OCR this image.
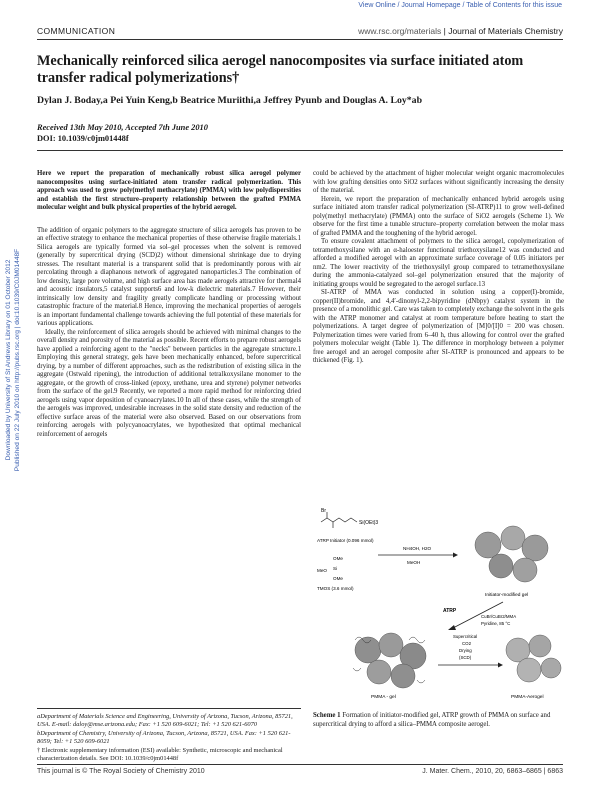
View Online / Journal Homepage / Table of Contents for this issue
Downloaded by University of St Andrews Library on 01 October 2012 Published on 22 July 2010 on http://pubs.rsc.org | doi:10.1039/C0JM01448F
COMMUNICATION	www.rsc.org/materials | Journal of Materials Chemistry
Mechanically reinforced silica aerogel nanocomposites via surface initiated atom transfer radical polymerizations†
Dylan J. Boday,a Pei Yuin Keng,b Beatrice Muriithi,a Jeffrey Pyunb and Douglas A. Loy*ab
Received 13th May 2010, Accepted 7th June 2010
DOI: 10.1039/c0jm01448f

Here we report the preparation of mechanically robust silica aerogel polymer nanocomposites using surface-initiated atom transfer radical polymerization. This approach was used to grow poly(methyl methacrylate) (PMMA) with low polydispersities and establish the first structure–property relationship between the grafted PMMA molecular weight and bulk physical properties of the hybrid aerogel.

The addition of organic polymers to the aggregate structure of silica aerogels has proven to be an effective strategy to enhance the mechanical properties of these otherwise fragile materials.1 Silica aerogels are typically formed via sol–gel processes when the solvent is removed (generally by supercritical drying (SCD)2) without dimensional shrinkage due to drying stresses. The resultant material is a transparent solid that is predominantly porous with air percolating through a diaphanous network of aggregated nanoparticles.3 The combination of low density, large pore volume, and high surface area has made aerogels attractive for thermal4 and acoustic insulators,5 catalyst supports6 and low-k dielectric materials.7 However, their intrinsically low density and fragility greatly complicate handling or processing without catastrophic fracture of the material.8 Hence, improving the mechanical properties of aerogels is an important fundamental challenge towards achieving the full potential of these materials for various applications.

Ideally, the reinforcement of silica aerogels should be achieved with minimal changes to the overall density and porosity of the material as possible. Recent efforts to prepare robust aerogels have applied a reinforcing agent to the "necks" between particles in the aggregate structure.1 Employing this general strategy, gels have been mechanically enhanced, before supercritical drying, by a number of different approaches, such as the redistribution of existing silica in the aggregate (Ostwald ripening), the introduction of additional tetralkoxysilane monomer to the aggregate, or the growth of cross-linked (epoxy, urethane, urea and styrene) polymer networks from the surface of the gel.9 Recently, we reported a more rapid method for reinforcing dried aerogels using vapor deposition of cyanoacrylates.10 In all of these cases, while the strength of the aerogels was improved, undesirable increases in the solid state density and reduction of the effective surface areas of the material were also observed. Based on our observations from reinforcing aerogels with polycyanoacrylates, we hypothesized that optimal mechanical reinforcement of aerogels

could be achieved by the attachment of higher molecular weight organic macromolecules with low grafting densities onto SiO2 surfaces without significantly increasing the density of the material.

Herein, we report the preparation of mechanically enhanced hybrid aerogels using surface initiated atom transfer radical polymerization (SI-ATRP)11 to grow well-defined poly(methyl methacrylate) (PMMA) onto the surface of SiO2 aerogels (Scheme 1). We observe for the first time a tunable structure–property correlation between the molar mass of grafted PMMA and the toughening of the hybrid aerogel.

To ensure covalent attachment of polymers to the silica aerogel, copolymerization of tetramethoxysilane with an α-haloester functional triethoxysilane12 was conducted and afforded a modified aerogel with an approximate surface coverage of 0.05 initiators per nm2. The lower reactivity of the triethoxysilyl group compared to tetramethoxysilane during the ammonia-catalyzed sol–gel polymerization ensured that the majority of initiating groups would be segregated to the aerogel surface.13

SI-ATRP of MMA was conducted in solution using a copper(I)-bromide, copper(II)bromide, and 4,4′-dinonyl-2,2-bipyridine (dNbpy) catalyst system in the presence of a monolithic gel. Care was taken to completely exchange the solvent in the gels with the ATRP monomer and catalyst at room temperature before heating to start the polymerizations. A target degree of polymerization of [M]0/[I]0 = 200 was chosen. Polymerization times were varied from 6–40 h, thus allowing for control over the grafted polymers molecular weight (Table 1). The difference in morphology between a polymer free aerogel and an aerogel composite after SI-ATRP is pronounced and appears to be thickened (Fig. 1).

Br
Si(OEt)3
ATRP Initiator (0.096 mmol)
Si
MeO
OMe
OMe
TMOS (3.6 mmol)
NH4OH, H2O
MeOH
Initiator-modified gel
ATRP
CuBr/CuBr2/MMA
Pyridine, 85 °C
PMMA - gel
Supercritical
CO2
Drying
(SCD)
PMMA-Aerogel
Scheme 1 Formation of initiator-modified gel, ATRP growth of PMMA on surface and supercritical drying to afford a silica–PMMA composite aerogel.

aDepartment of Materials Science and Engineering, University of Arizona, Tucson, Arizona, 85721, USA. E-mail: daloy@mse.arizona.edu; Fax: +1 520 609-6021; Tel: +1 520 621-6070

bDepartment of Chemistry, University of Arizona, Tucson, Arizona, 85721, USA. Fax: +1 520 621-8059; Tel: +1 520 609-6021

† Electronic supplementary information (ESI) available: Synthetic, microscopic and mechanical characterization details. See DOI: 10.1039/c0jm01448f

This journal is © The Royal Society of Chemistry 2010	J. Mater. Chem., 2010, 20, 6863–6865 | 6863
